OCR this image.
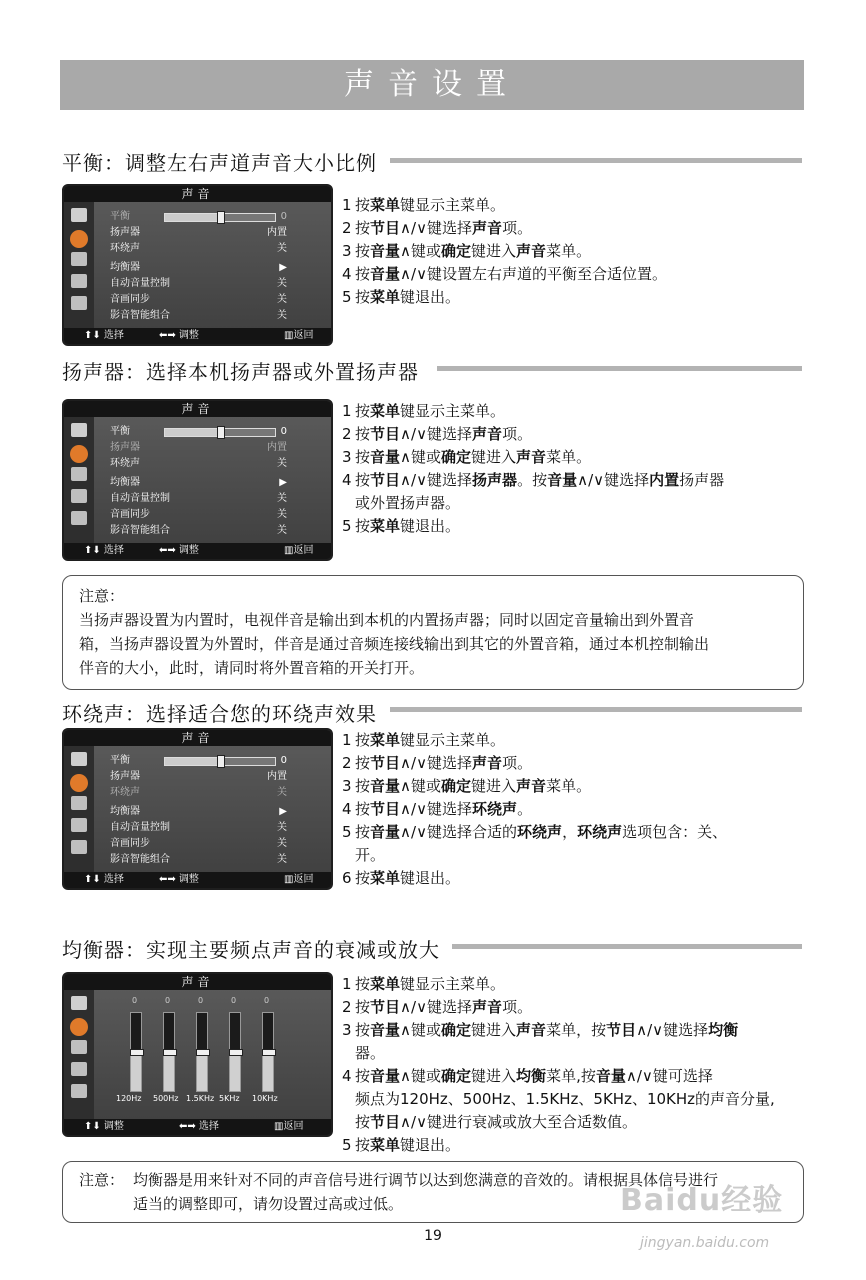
声音设置
平衡：调整左右声道声音大小比例
声音
⬆⬇ 选择	⬅➡ 调整	▥返回
平衡	0
扬声器	内置
环绕声	关
均衡器	▶
自动音量控制	关
音画同步	关
影音智能组合	关
1 按菜单键显示主菜单。
2 按节目∧/∨键选择声音项。
3 按音量∧键或确定键进入声音菜单。
4 按音量∧/∨键设置左右声道的平衡至合适位置。
5 按菜单键退出。
扬声器：选择本机扬声器或外置扬声器
声音
⬆⬇ 选择	⬅➡ 调整	▥返回
平衡	0
扬声器	内置
环绕声	关
均衡器	▶
自动音量控制	关
音画同步	关
影音智能组合	关
1 按菜单键显示主菜单。
2 按节目∧/∨键选择声音项。
3 按音量∧键或确定键进入声音菜单。
4 按节目∧/∨键选择扬声器。按音量∧/∨键选择内置扬声器
或外置扬声器。
5 按菜单键退出。
注意：
当扬声器设置为内置时，电视伴音是输出到本机的内置扬声器；同时以固定音量输出到外置音
箱，当扬声器设置为外置时，伴音是通过音频连接线输出到其它的外置音箱，通过本机控制输出
伴音的大小，此时，请同时将外置音箱的开关打开。
环绕声：选择适合您的环绕声效果
声音
⬆⬇ 选择	⬅➡ 调整	▥返回
平衡	0
扬声器	内置
环绕声	关
均衡器	▶
自动音量控制	关
音画同步	关
影音智能组合	关
1 按菜单键显示主菜单。
2 按节目∧/∨键选择声音项。
3 按音量∧键或确定键进入声音菜单。
4 按节目∧/∨键选择环绕声。
5 按音量∧/∨键选择合适的环绕声，环绕声选项包含：关、
开。
6 按菜单键退出。
均衡器：实现主要频点声音的衰减或放大
声音
⬆⬇ 调整	⬅➡ 选择	▥返回
0
120Hz
0
500Hz
0
1.5KHz
0
5KHz
0
10KHz
1 按菜单键显示主菜单。
2 按节目∧/∨键选择声音项。
3 按音量∧键或确定键进入声音菜单，按节目∧/∨键选择均衡
器。
4 按音量∧键或确定键进入均衡菜单,按音量∧/∨键可选择
频点为120Hz、500Hz、1.5KHz、5KHz、10KHz的声音分量,
按节目∧/∨键进行衰减或放大至合适数值。
5 按菜单键退出。
注意： 均衡器是用来针对不同的声音信号进行调节以达到您满意的音效的。请根据具体信号进行
适当的调整即可，请勿设置过高或过低。	Baidu经验
jingyan.baidu.com
19
